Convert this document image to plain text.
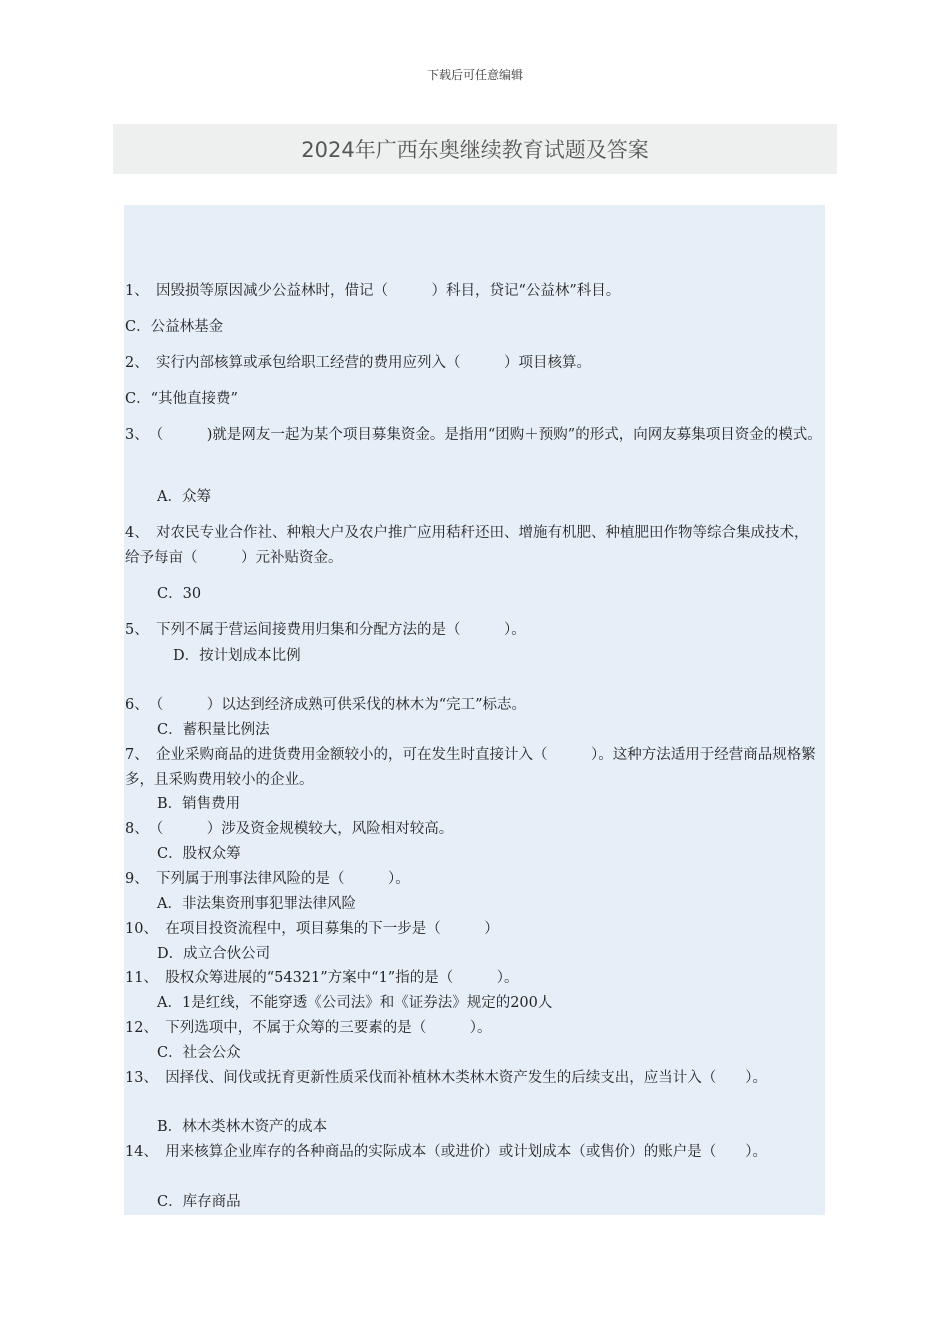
下载后可任意编辑
2024年广西东奥继续教育试题及答案
1、　因毁损等原因减少公益林时，借记（　　　）科目，贷记“公益林”科目。
C．公益林基金
2、　实行内部核算或承包给职工经营的费用应列入（　　　）项目核算。
C．“其他直接费”
3、　（　　　)就是网友一起为某个项目募集资金。是指用“团购＋预购”的形式，向网友募集项目资金的模式。
A．众筹
4、　对农民专业合作社、种粮大户及农户推广应用秸秆还田、增施有机肥、种植肥田作物等综合集成技术，给予每亩（　　　）元补贴资金。
C．30
5、　下列不属于营运间接费用归集和分配方法的是（　　　）。
D．按计划成本比例
6、　（　　　）以达到经济成熟可供采伐的林木为“完工”标志。
C．蓄积量比例法
7、　企业采购商品的进货费用金额较小的，可在发生时直接计入（　　　）。这种方法适用于经营商品规格繁多，且采购费用较小的企业。
B．销售费用
8、　（　　　）涉及资金规模较大，风险相对较高。
C．股权众筹
9、　下列属于刑事法律风险的是（　　　）。
A．非法集资刑事犯罪法律风险
10、　在项目投资流程中，项目募集的下一步是（　　　）
D．成立合伙公司
11、　股权众筹进展的“54321”方案中“1”指的是（　　　）。
A．1是红线，不能穿透《公司法》和《证券法》规定的200人
12、　下列选项中，不属于众筹的三要素的是（　　　）。
C．社会公众
13、　因择伐、间伐或抚育更新性质采伐而补植林木类林木资产发生的后续支出，应当计入（　　）。
B．林木类林木资产的成本
14、　用来核算企业库存的各种商品的实际成本（或进价）或计划成本（或售价）的账户是（　　）。
C．库存商品
